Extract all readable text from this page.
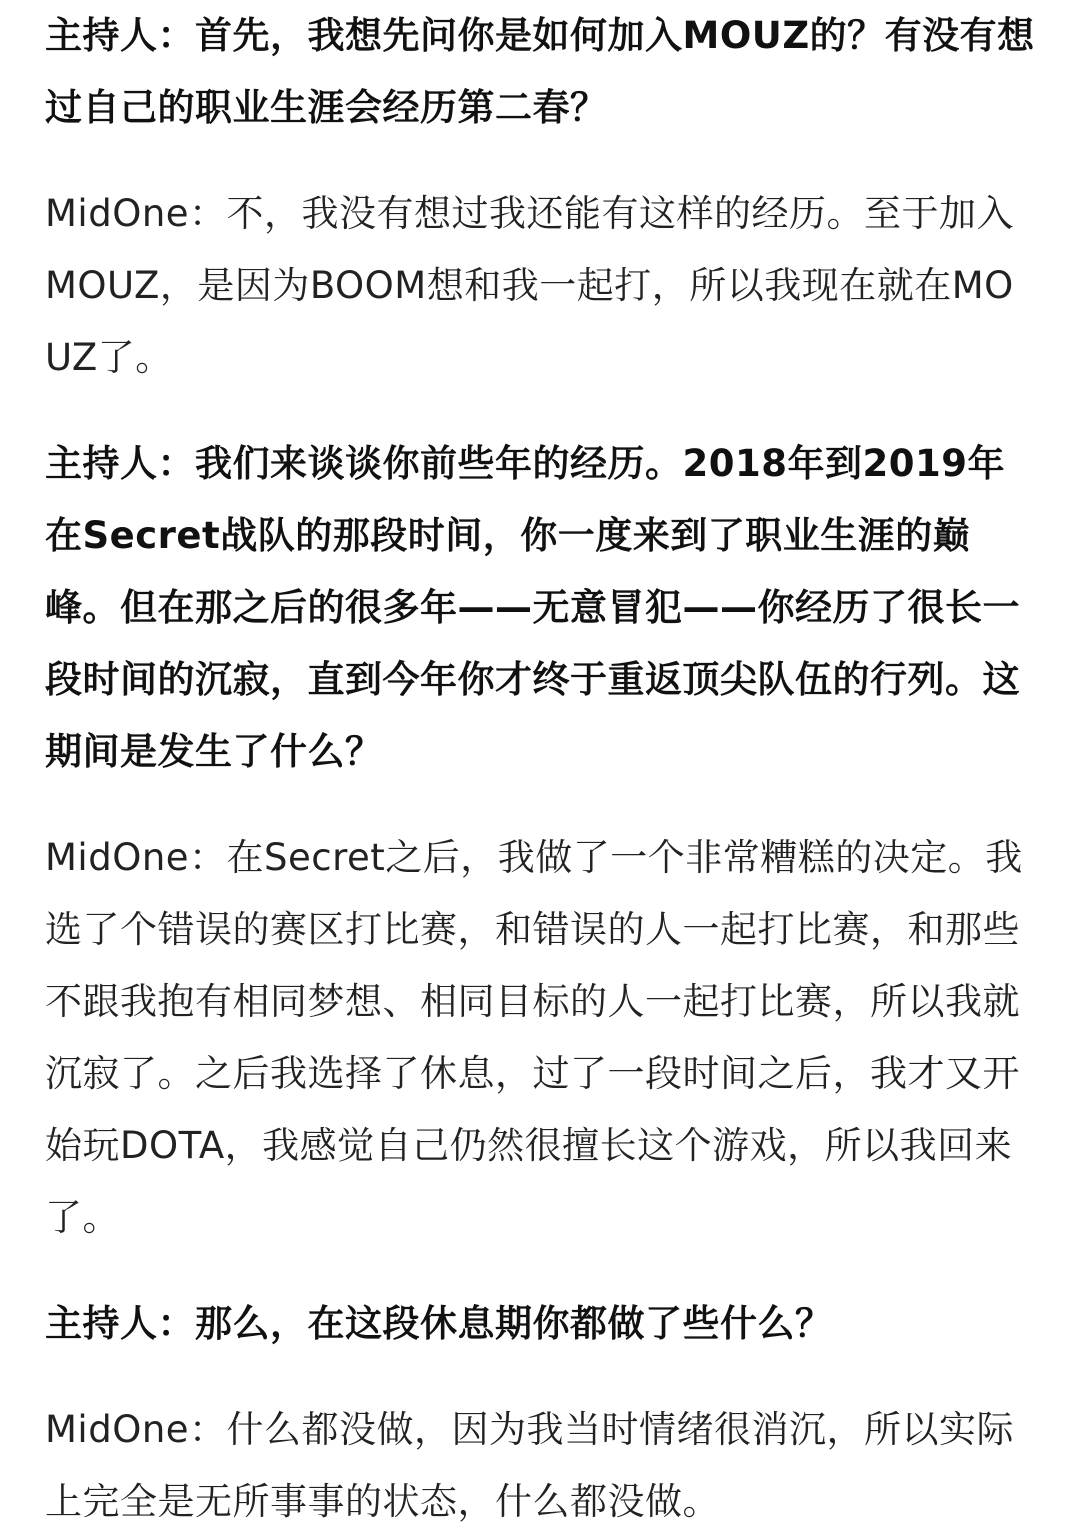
主持人：首先，我想先问你是如何加入MOUZ的？有没有想过自己的职业生涯会经历第二春？

MidOne：不，我没有想过我还能有这样的经历。至于加入MOUZ，是因为BOOM想和我一起打，所以我现在就在MOUZ了。

主持人：我们来谈谈你前些年的经历。2018年到2019年在Secret战队的那段时间，你一度来到了职业生涯的巅峰。但在那之后的很多年——无意冒犯——你经历了很长一段时间的沉寂，直到今年你才终于重返顶尖队伍的行列。这期间是发生了什么？

MidOne：在Secret之后，我做了一个非常糟糕的决定。我选了个错误的赛区打比赛，和错误的人一起打比赛，和那些不跟我抱有相同梦想、相同目标的人一起打比赛，所以我就沉寂了。之后我选择了休息，过了一段时间之后，我才又开始玩DOTA，我感觉自己仍然很擅长这个游戏，所以我回来了。

主持人：那么，在这段休息期你都做了些什么？

MidOne：什么都没做，因为我当时情绪很消沉，所以实际上完全是无所事事的状态，什么都没做。
